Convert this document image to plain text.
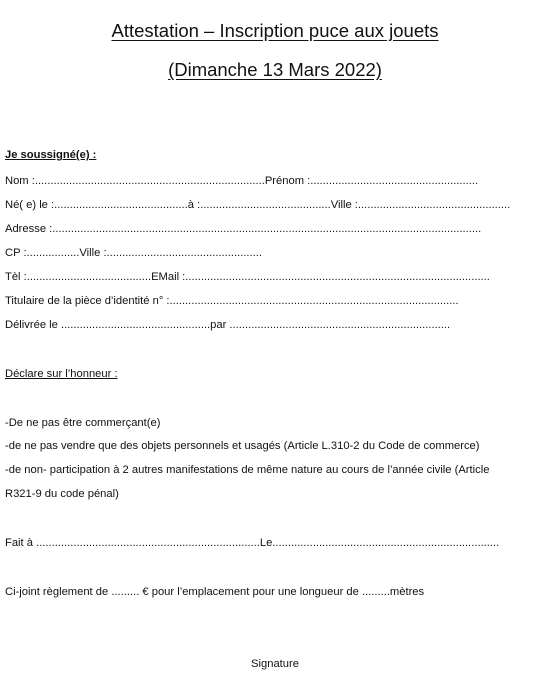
Attestation – Inscription puce aux jouets
(Dimanche 13 Mars 2022)
Je soussigné(e) :
Nom :..........................................................................Prénom :......................................................
Né( e) le :...........................................à :..........................................Ville :.................................................
Adresse :..........................................................................................................................................
CP :.................Ville :..................................................
Tèl :........................................EMail :..................................................................................................
Titulaire de la pièce d’identité n° :.............................................................................................
Délivrée le ................................................par .......................................................................
Déclare sur l’honneur :
-De ne pas être commerçant(e)
-de ne pas vendre que des objets personnels et usagés (Article L.310-2 du Code de commerce)
-de non- participation à 2 autres manifestations de même nature au cours de l’année civile (Article
R321-9 du code pénal)
Fait à ........................................................................Le.........................................................................
Ci-joint règlement de ......... € pour l’emplacement pour une longueur de .........mètres
Signature
